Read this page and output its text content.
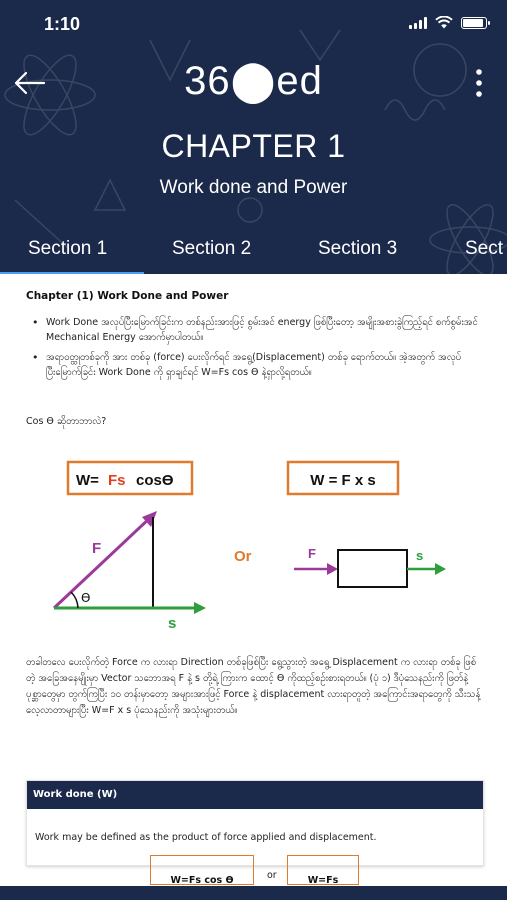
1:10
36⬤ed
CHAPTER 1
Work done and Power
Section 1	Section 2	Section 3	Sect
Chapter (1) Work Done and Power
• Work Done အလုပ်ပြီးမြောက်ခြင်းက တစ်နည်းအားဖြင့် စွမ်းအင် energy ဖြစ်ပြီးတော့ အမျိုးအစားခွဲကြည့်ရင် စက်စွမ်းအင် Mechanical Energy အောက်မှာပါတယ်။
• အရာဝတ္ထုတစ်ခုကို အား တစ်ခု (force) ပေးလိုက်ရင် အရွေ့(Displacement) တစ်ခု ရောက်တယ်။ အဲ့အတွက် အလုပ်ပြီးမြောက်ခြင်း Work Done ကို ရှာချင်ရင် W=Fs cos ϴ နဲ့ရှာလို့ရတယ်။
Cos ϴ ဆိုတာဘာလဲ?
W= Fs cosϴ	W = F x s
F
s
ϴ
Or	F	s

တခါတလေ ပေးလိုက်တဲ့ Force က လားရာ Direction တစ်ခုဖြစ်ပြီး ရွေ့သွားတဲ့ အရွေ့ Displacement က လားရာ တစ်ခု ဖြစ်တဲ့ အခြေအနေမျိုးမှာ Vector သဘောအရ F နဲ့ s တို့ရဲ့ ကြားက ထောင့် ϴ ကိုထည့်စဉ်းစားရတယ်။ (ပုံ ၁) ဒီပုံသေနည်းကို ဖြတ်နဲ့ ပုစ္ဆာတွေမှာ တွက်ကြပြီး ၁၀ တန်းမှာတော့ အများအားဖြင့် Force နဲ့ displacement လားရာတူတဲ့ အကြောင်းအရာတွေကို သီးသန့်လေ့လာတာများပြီး W=F x s ပုံသေနည်းကို အသုံးများတယ်။

Work done (W)
Work may be defined as the product of force applied and displacement.
W=Fs cos ϴ	or	W=Fs
